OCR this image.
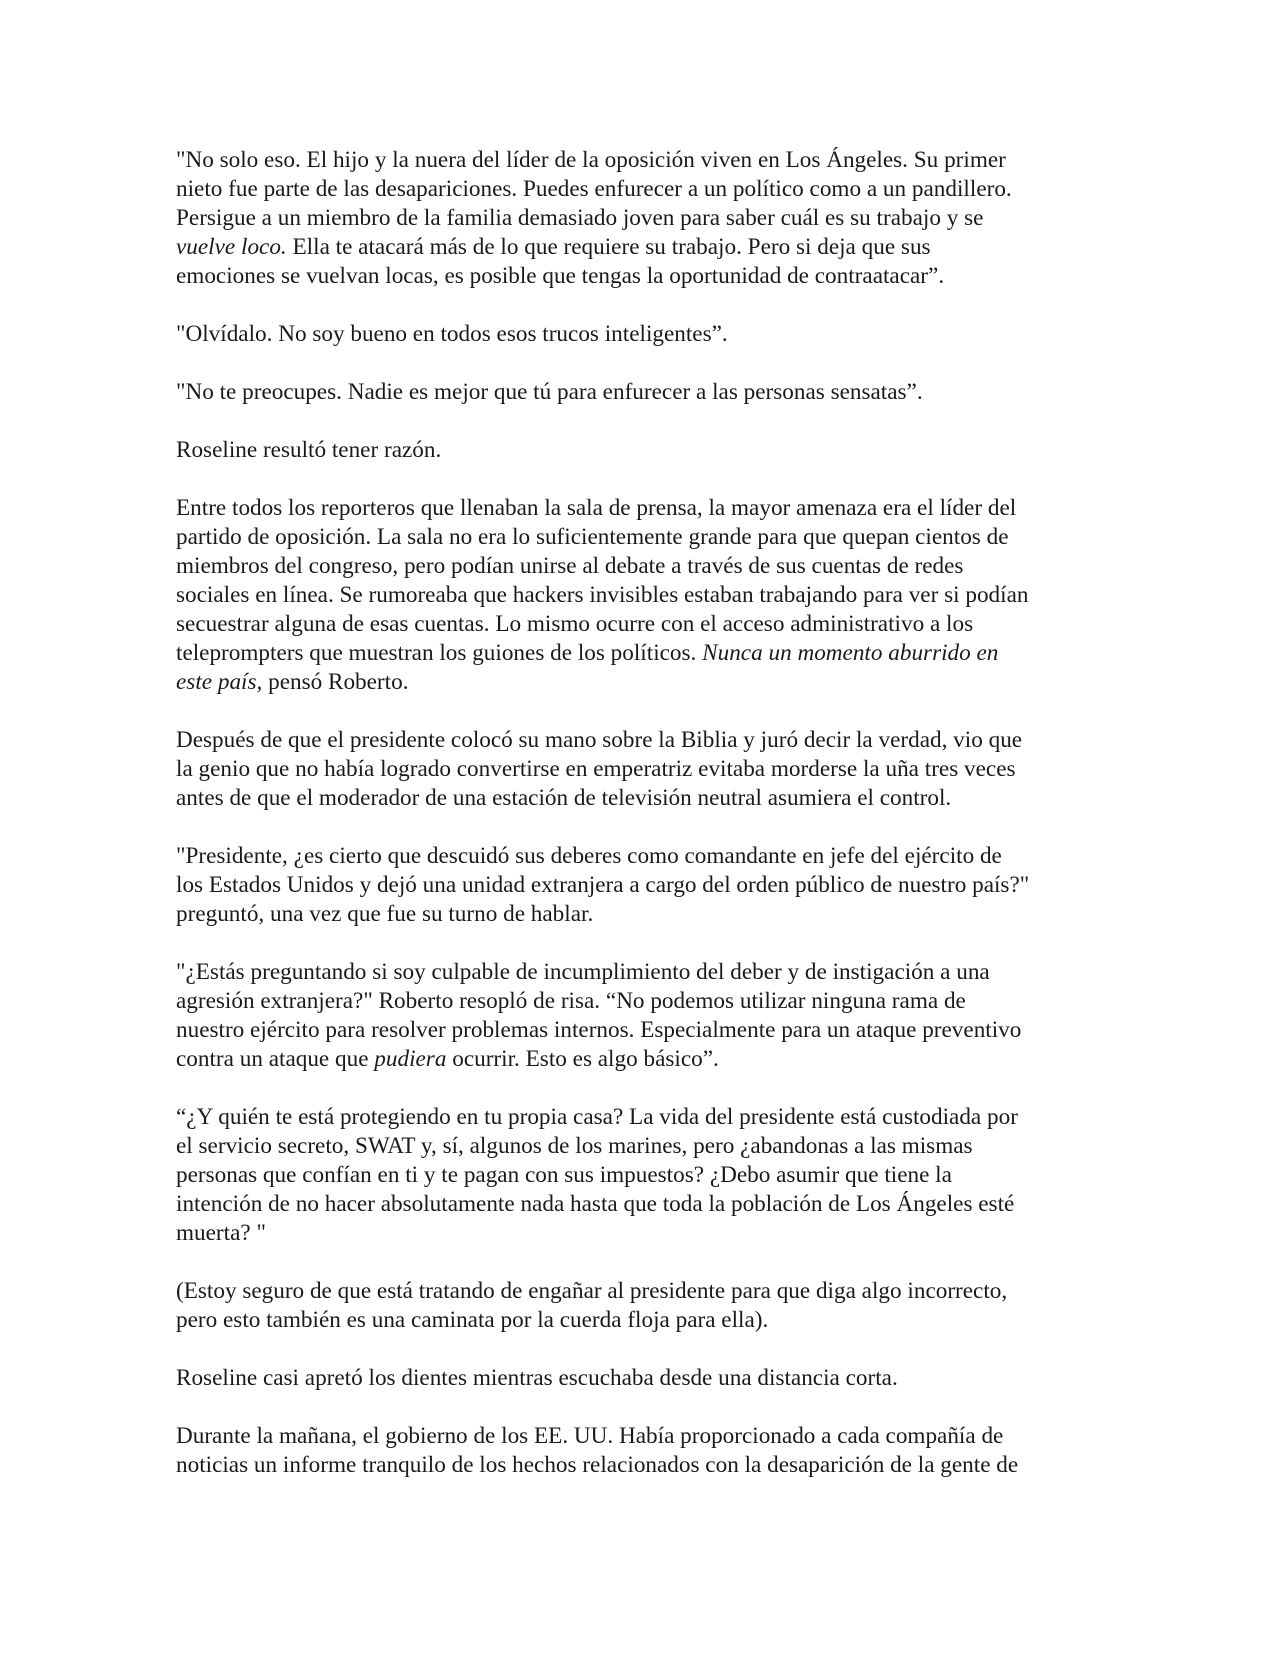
"No solo eso. El hijo y la nuera del líder de la oposición viven en Los Ángeles. Su primer
nieto fue parte de las desapariciones. Puedes enfurecer a un político como a un pandillero.
Persigue a un miembro de la familia demasiado joven para saber cuál es su trabajo y se
vuelve loco. Ella te atacará más de lo que requiere su trabajo. Pero si deja que sus
emociones se vuelvan locas, es posible que tengas la oportunidad de contraatacar”.

"Olvídalo. No soy bueno en todos esos trucos inteligentes”.

"No te preocupes. Nadie es mejor que tú para enfurecer a las personas sensatas”.

Roseline resultó tener razón.

Entre todos los reporteros que llenaban la sala de prensa, la mayor amenaza era el líder del
partido de oposición. La sala no era lo suficientemente grande para que quepan cientos de
miembros del congreso, pero podían unirse al debate a través de sus cuentas de redes
sociales en línea. Se rumoreaba que hackers invisibles estaban trabajando para ver si podían
secuestrar alguna de esas cuentas. Lo mismo ocurre con el acceso administrativo a los
teleprompters que muestran los guiones de los políticos. Nunca un momento aburrido en
este país, pensó Roberto.

Después de que el presidente colocó su mano sobre la Biblia y juró decir la verdad, vio que
la genio que no había logrado convertirse en emperatriz evitaba morderse la uña tres veces
antes de que el moderador de una estación de televisión neutral asumiera el control.

"Presidente, ¿es cierto que descuidó sus deberes como comandante en jefe del ejército de
los Estados Unidos y dejó una unidad extranjera a cargo del orden público de nuestro país?"
preguntó, una vez que fue su turno de hablar.

"¿Estás preguntando si soy culpable de incumplimiento del deber y de instigación a una
agresión extranjera?" Roberto resopló de risa. “No podemos utilizar ninguna rama de
nuestro ejército para resolver problemas internos. Especialmente para un ataque preventivo
contra un ataque que pudiera ocurrir. Esto es algo básico”.

“¿Y quién te está protegiendo en tu propia casa? La vida del presidente está custodiada por
el servicio secreto, SWAT y, sí, algunos de los marines, pero ¿abandonas a las mismas
personas que confían en ti y te pagan con sus impuestos? ¿Debo asumir que tiene la
intención de no hacer absolutamente nada hasta que toda la población de Los Ángeles esté
muerta? "

(Estoy seguro de que está tratando de engañar al presidente para que diga algo incorrecto,
pero esto también es una caminata por la cuerda floja para ella).

Roseline casi apretó los dientes mientras escuchaba desde una distancia corta.

Durante la mañana, el gobierno de los EE. UU. Había proporcionado a cada compañía de
noticias un informe tranquilo de los hechos relacionados con la desaparición de la gente de
